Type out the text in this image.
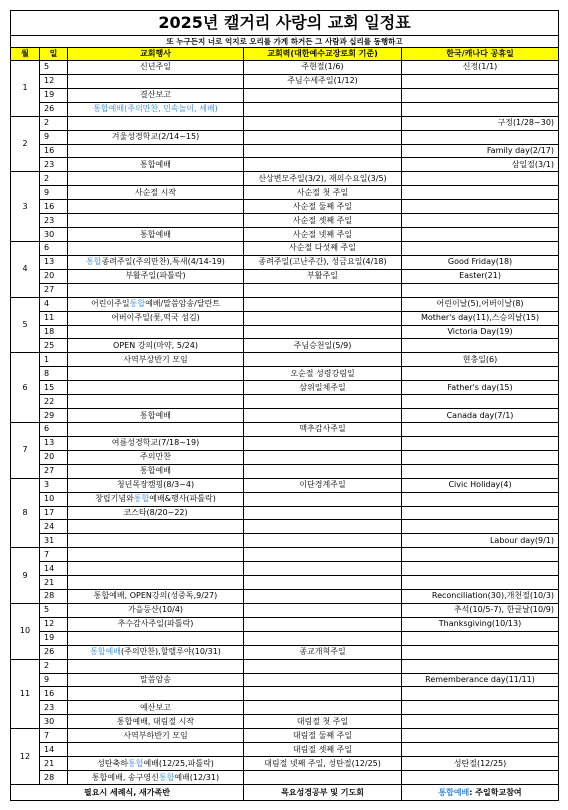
2025년 캘거리 사랑의 교회 일정표				
또 누구든지 너로 억지로 오리를 가게 하거든 그 사람과 십리를 동행하고				
월	일	교회행사	교회력(대한예수교장로회 기준)	한국/캐나다 공휴일
1	5	신년주일	주현절(1/6)	신정(1/1)
	12		주님수세주일(1/12)	
	19	결산보고		
	26	통합예배(주의만찬, 민속놀이, 세배)		
2	2			구정(1/28~30)
	9	겨울성경학교(2/14~15)		
	16			Family day(2/17)
	23	통합예배		삼일절(3/1)
3	2		산상변모주일(3/2), 재의수요일(3/5)	
	9	사순절 시작	사순절 첫 주일	
	16		사순절 둘째 주일	
	23		사순절 셋째 주일	
	30	통합예배	사순절 넷째 주일	
4	6		사순절 다섯째 주일	
	13	통합종려주일(주의만찬),특새(4/14-19)	종려주일(고난주간), 성금요일(4/18)	Good Friday(18)
	20	부활주일(파틀락)	부활주일	Easter(21)
	27			
5	4	어린이주일통합예배/말씀암송/달란트		어린이날(5),어버이날(8)
	11	어버이주일(꽃,떡국 섬김)		Mother's day(11),스승의날(15)
	18			Victoria Day(19)
	25	OPEN 강의(마약, 5/24)	주님승천일(5/9)	
6	1	사역부상반기 모임		현충일(6)
	8		오순절 성령강림일	
	15		삼위일체주일	Father's day(15)
	22			
	29	통합예배		Canada day(7/1)
7	6		맥추감사주일	
	13	여름성경학교(7/18~19)		
	20	주의만찬		
	27	통합예배		
8	3	청년목장캠핑(8/3~4)	이단경계주일	Civic Holiday(4)
	10	창립기념와통합예배&행사(파틀락)		
	17	코스타(8/20~22)		
	24			
	31			Labour day(9/1)
9	7			
	14			
	21			
	28	통합예배, OPEN강의(성중독,9/27)		Reconciliation(30),개천절(10/3)
10	5	가을등산(10/4)		추석(10/5-7), 한글날(10/9)
	12	추수감사주일(파틀락)		Thanksgiving(10/13)
	19			
	26	통합예배(주의만찬),할렐루야(10/31)	종교개혁주일	
11	2			
	9	말씀암송		Rememberance day(11/11)
	16			
	23	예산보고		
	30	통합예배, 대림절 시작	대림절 첫 주일	
12	7	사역부하반기 모임	대림절 둘째 주일	
	14		대림절 셋째 주일	
	21	성탄축하통합예배(12/25,파틀락)	대림절 넷째 주일, 성탄절(12/25)	성탄절(12/25)
	28	통합예배, 송구영신통합예배(12/31)		
필요시 세례식, 새가족반			목요성경공부 및 기도회	통합예배: 주일학교참여
